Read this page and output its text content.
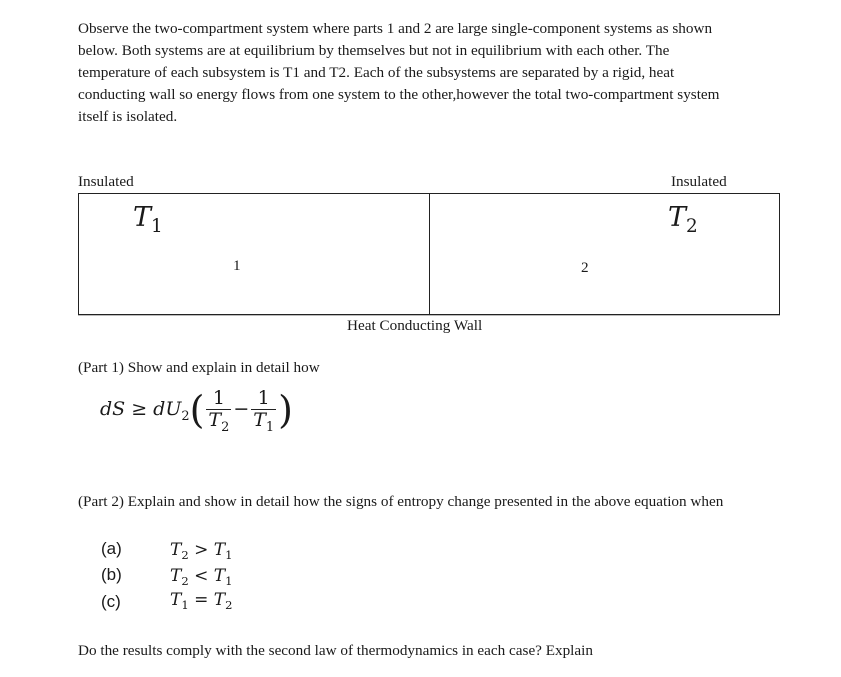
Observe the two-compartment system where parts 1 and 2 are large single-component systems as shown
below. Both systems are at equilibrium by themselves but not in equilibrium with each other. The
temperature of each subsystem is T1 and T2. Each of the subsystems are separated by a rigid, heat
conducting wall so energy flows from one system to the other,however the total two-compartment system
itself is isolated.
Insulated	Insulated
$T_1$	$T_2$
1	2
Heat Conducting Wall
(Part 1) Show and explain in detail how
dS ≥ $dU_2( \frac{1}{T_2} - \frac{1}{T_1}$ )
(Part 2) Explain and show in detail how the signs of entropy change presented in the above equation when
(a)	$T_2 > T_1$
(b)	$T_2 < T_1$
(c)	$T_1 = T_2$
Do the results comply with the second law of thermodynamics in each case? Explain
